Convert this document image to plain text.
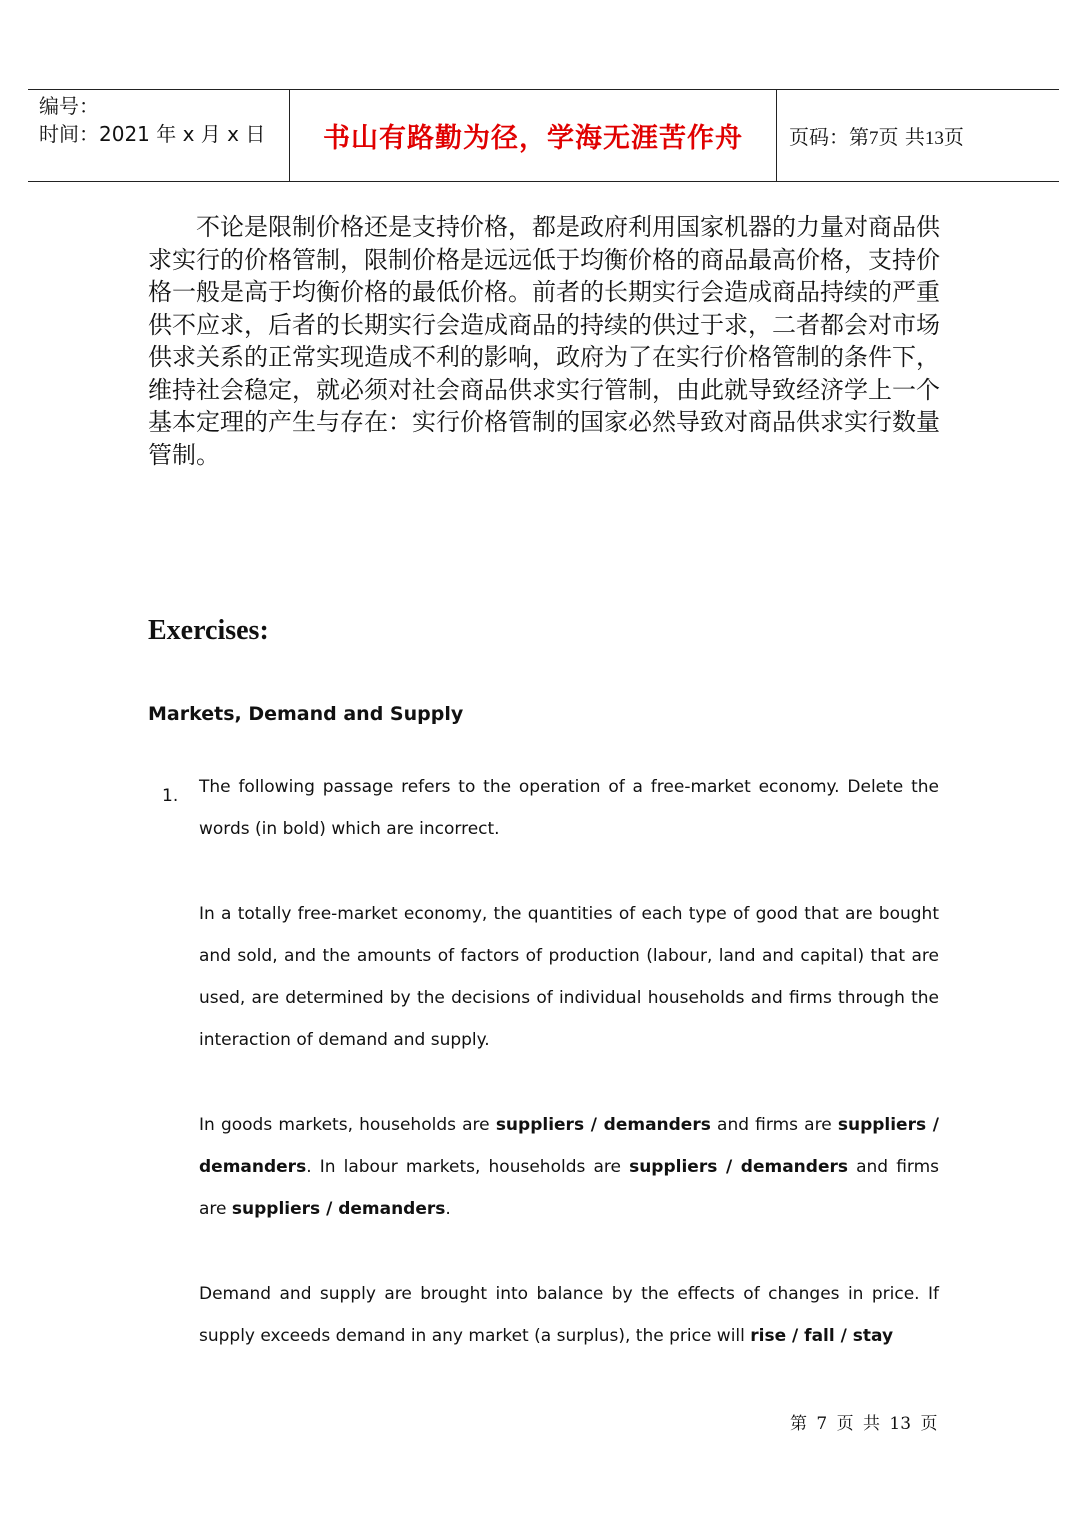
编号：
时间：2021 年 x 月 x 日 书山有路勤为径，学海无涯苦作舟 页码：第7页 共13页

不论是限制价格还是支持价格，都是政府利用国家机器的力量对商品供求实行的价格管制，限制价格是远远低于均衡价格的商品最高价格，支持价格一般是高于均衡价格的最低价格。前者的长期实行会造成商品持续的严重供不应求，后者的长期实行会造成商品的持续的供过于求，二者都会对市场供求关系的正常实现造成不利的影响，政府为了在实行价格管制的条件下，维持社会稳定，就必须对社会商品供求实行管制，由此就导致经济学上一个基本定理的产生与存在：实行价格管制的国家必然导致对商品供求实行数量管制。

Exercises:
Markets, Demand and Supply
1. The following passage refers to the operation of a free-market economy. Delete the words (in bold) which are incorrect.

In a totally free-market economy, the quantities of each type of good that are bought and sold, and the amounts of factors of production (labour, land and capital) that are used, are determined by the decisions of individual households and firms through the interaction of demand and supply.

In goods markets, households are suppliers / demanders and firms are suppliers / demanders. In labour markets, households are suppliers / demanders and firms are suppliers / demanders.

Demand and supply are brought into balance by the effects of changes in price. If supply exceeds demand in any market (a surplus), the price will rise / fall / stay

第 7 页 共 13 页
